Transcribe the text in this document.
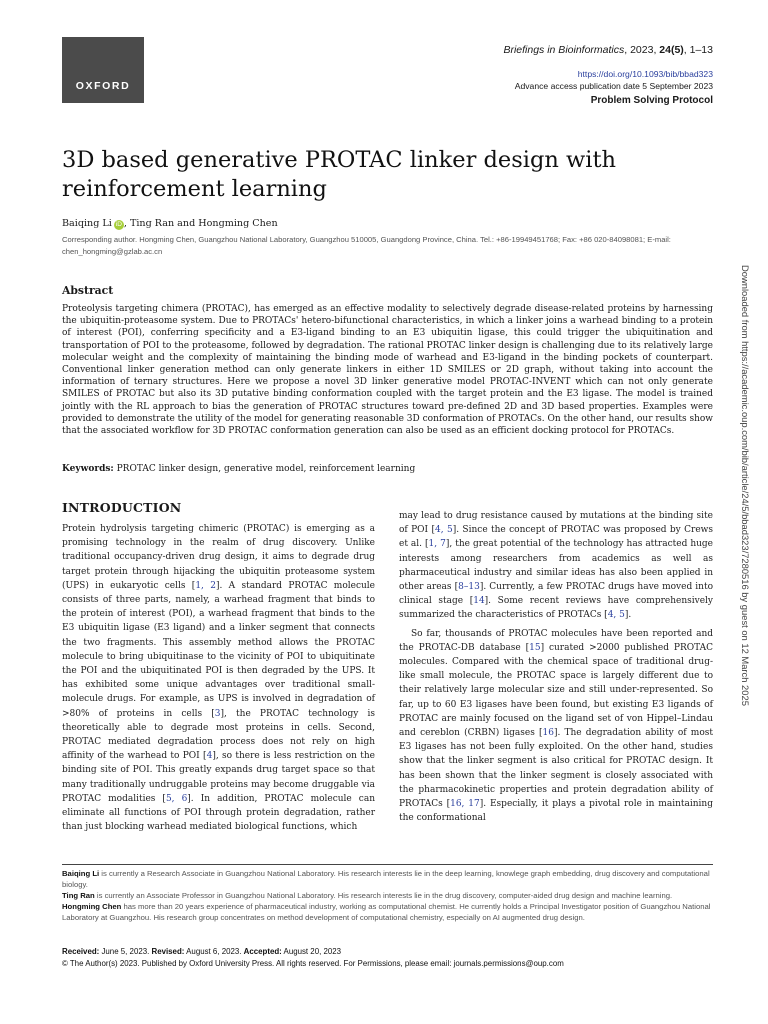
OXFORD
Briefings in Bioinformatics, 2023, 24(5), 1–13
https://doi.org/10.1093/bib/bbad323
Advance access publication date 5 September 2023
Problem Solving Protocol
3D based generative PROTAC linker design with reinforcement learning
Baiqing Li iD , Ting Ran and Hongming Chen
Corresponding author. Hongming Chen, Guangzhou National Laboratory, Guangzhou 510005, Guangdong Province, China. Tel.: +86-19949451768; Fax: +86 020-84098081; E-mail: chen_hongming@gzlab.ac.cn
Abstract
Proteolysis targeting chimera (PROTAC), has emerged as an effective modality to selectively degrade disease-related proteins by harnessing the ubiquitin-proteasome system. Due to PROTACs' hetero-bifunctional characteristics, in which a linker joins a warhead binding to a protein of interest (POI), conferring specificity and a E3-ligand binding to an E3 ubiquitin ligase, this could trigger the ubiquitination and transportation of POI to the proteasome, followed by degradation. The rational PROTAC linker design is challenging due to its relatively large molecular weight and the complexity of maintaining the binding mode of warhead and E3-ligand in the binding pockets of counterpart. Conventional linker generation method can only generate linkers in either 1D SMILES or 2D graph, without taking into account the information of ternary structures. Here we propose a novel 3D linker generative model PROTAC-INVENT which can not only generate SMILES of PROTAC but also its 3D putative binding conformation coupled with the target protein and the E3 ligase. The model is trained jointly with the RL approach to bias the generation of PROTAC structures toward pre-defined 2D and 3D based properties. Examples were provided to demonstrate the utility of the model for generating reasonable 3D conformation of PROTACs. On the other hand, our results show that the associated workflow for 3D PROTAC conformation generation can also be used as an efficient docking protocol for PROTACs.
Keywords: PROTAC linker design, generative model, reinforcement learning
INTRODUCTION

Protein hydrolysis targeting chimeric (PROTAC) is emerging as a promising technology in the realm of drug discovery. Unlike traditional occupancy-driven drug design, it aims to degrade drug target protein through hijacking the ubiquitin proteasome system (UPS) in eukaryotic cells [1, 2]. A standard PROTAC molecule consists of three parts, namely, a warhead fragment that binds to the protein of interest (POI), a warhead fragment that binds to the E3 ubiquitin ligase (E3 ligand) and a linker segment that connects the two fragments. This assembly method allows the PROTAC molecule to bring ubiquitinase to the vicinity of POI to ubiquitinate the POI and the ubiquitinated POI is then degraded by the UPS. It has exhibited some unique advantages over traditional small-molecule drugs. For example, as UPS is involved in degradation of >80% of proteins in cells [3], the PROTAC technology is theoretically able to degrade most proteins in cells. Second, PROTAC mediated degradation process does not rely on high affinity of the warhead to POI [4], so there is less restriction on the binding site of POI. This greatly expands drug target space so that many traditionally undruggable proteins may become druggable via PROTAC modalities [5, 6]. In addition, PROTAC molecule can eliminate all functions of POI through protein degradation, rather than just blocking warhead mediated biological functions, which

may lead to drug resistance caused by mutations at the binding site of POI [4, 5]. Since the concept of PROTAC was proposed by Crews et al. [1, 7], the great potential of the technology has attracted huge interests among researchers from academics as well as pharmaceutical industry and similar ideas has also been applied in other areas [8–13]. Currently, a few PROTAC drugs have moved into clinical stage [14]. Some recent reviews have comprehensively summarized the characteristics of PROTACs [4, 5].

So far, thousands of PROTAC molecules have been reported and the PROTAC-DB database [15] curated >2000 published PROTAC molecules. Compared with the chemical space of traditional drug-like small molecule, the PROTAC space is largely different due to their relatively large molecular size and still under-represented. So far, up to 60 E3 ligases have been found, but existing E3 ligands of PROTAC are mainly focused on the ligand set of von Hippel–Lindau and cereblon (CRBN) ligases [16]. The degradation ability of most E3 ligases has not been fully exploited. On the other hand, studies show that the linker segment is also critical for PROTAC design. It has been shown that the linker segment is closely associated with the pharmacokinetic properties and protein degradation ability of PROTACs [16, 17]. Especially, it plays a pivotal role in maintaining the conformational

Baiqing Li is currently a Research Associate in Guangzhou National Laboratory. His research interests lie in the deep learning, knowlege graph embedding, drug discovery and computational biology.
Ting Ran is currently an Associate Professor in Guangzhou National Laboratory. His research interests lie in the drug discovery, computer-aided drug design and machine learning.
Hongming Chen has more than 20 years experience of pharmaceutical industry, working as computational chemist. He currently holds a Principal Investigator position of Guangzhou National Laboratory at Guangzhou. His research group concentrates on method development of computational chemistry, especially on AI augmented drug design.
Received: June 5, 2023. Revised: August 6, 2023. Accepted: August 20, 2023
© The Author(s) 2023. Published by Oxford University Press. All rights reserved. For Permissions, please email: journals.permissions@oup.com
Downloaded from https://academic.oup.com/bib/article/24/5/bbad323/7280516 by guest on 12 March 2025
